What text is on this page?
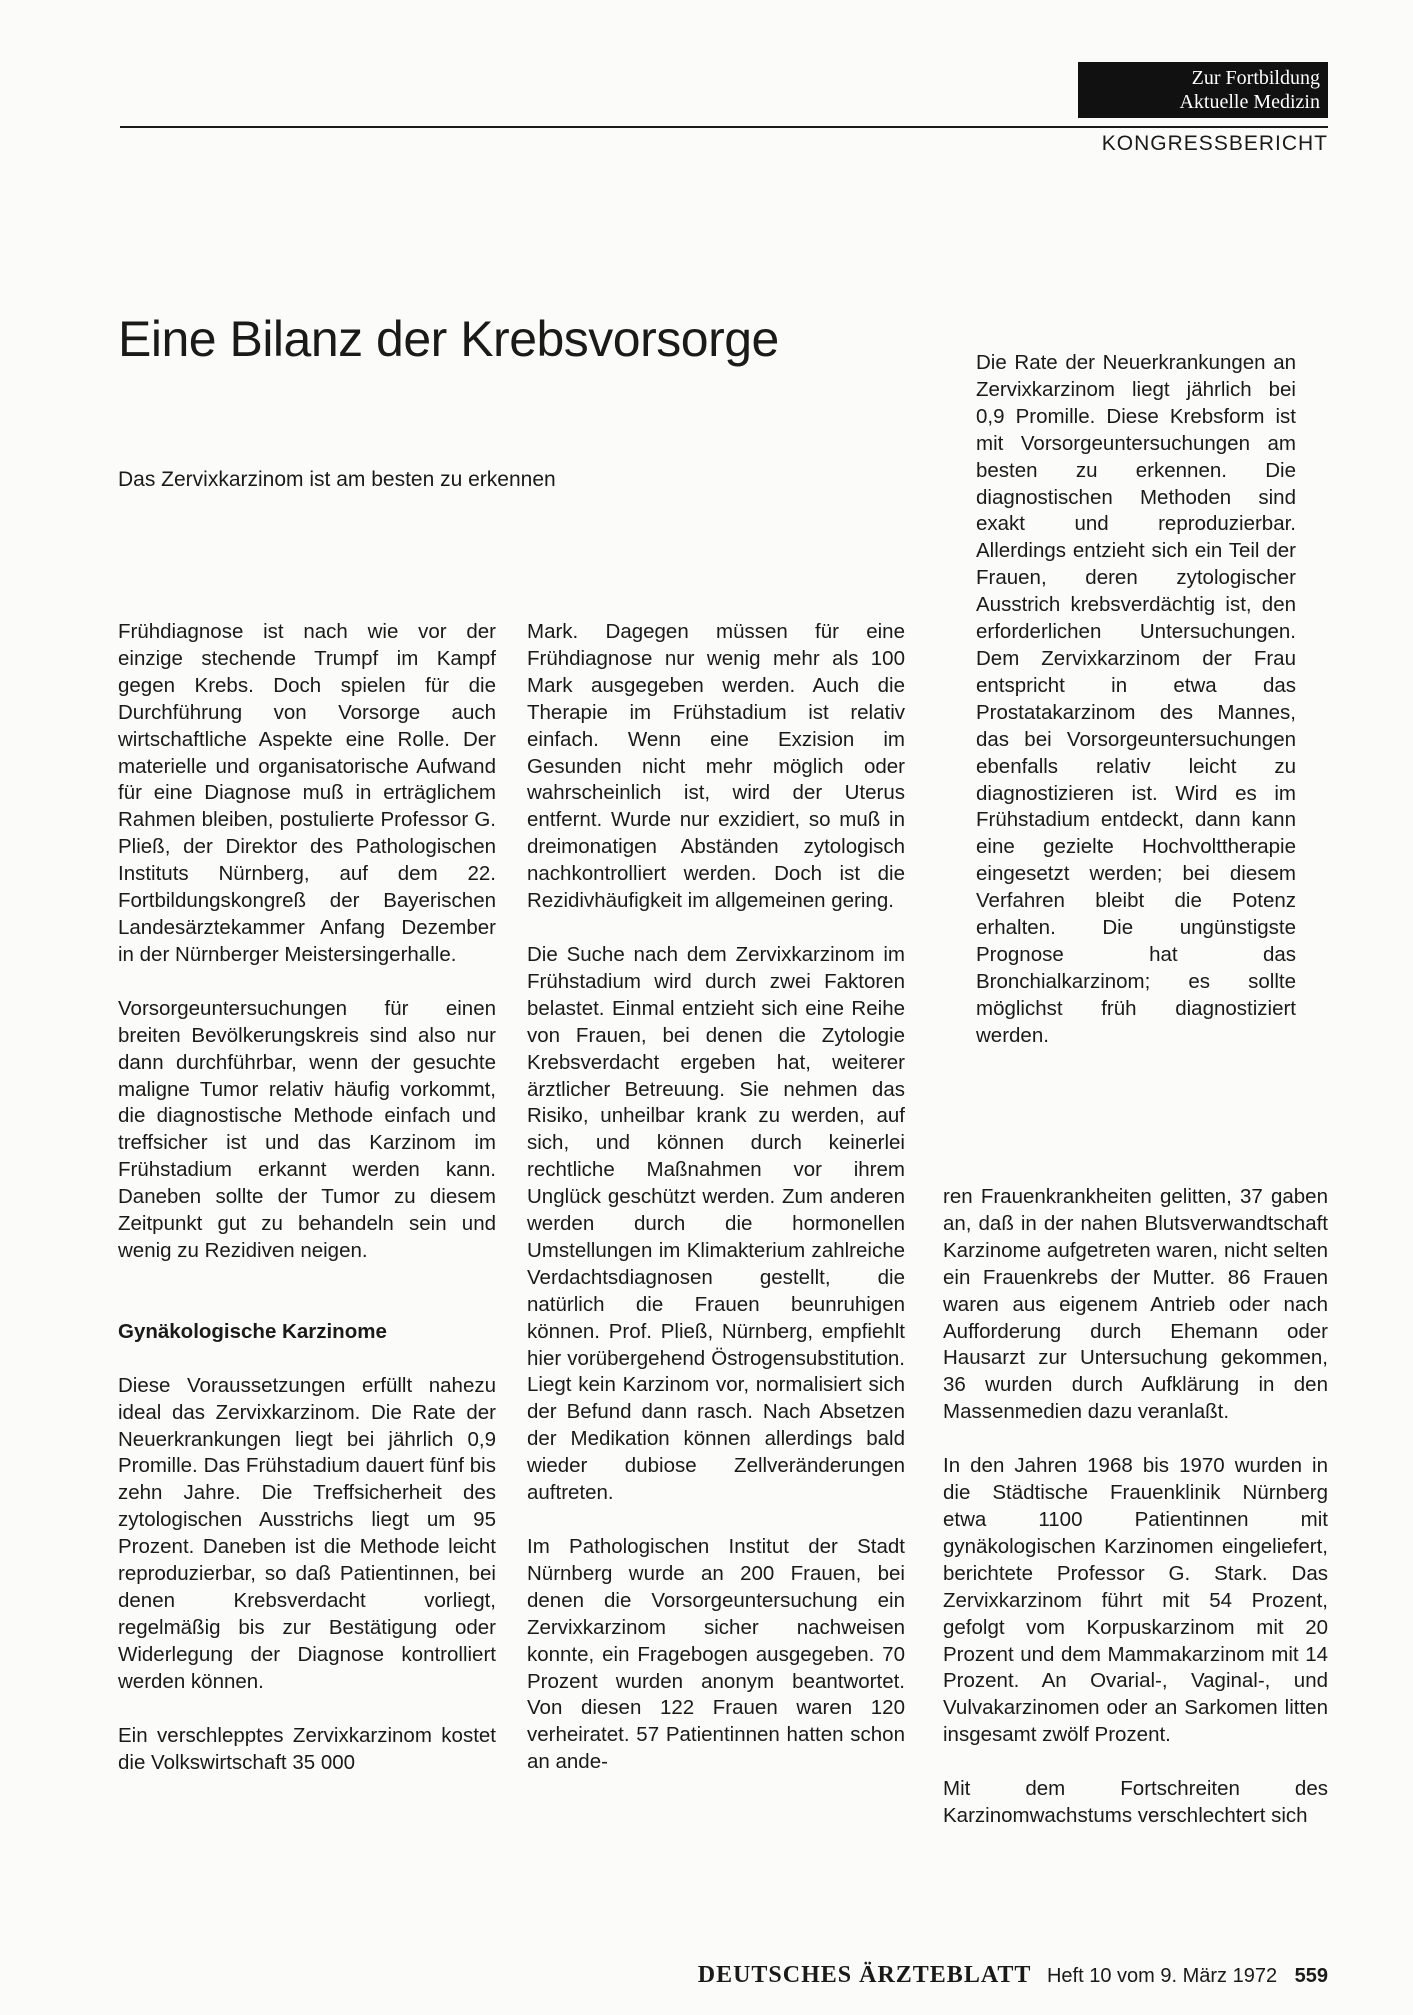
Zur Fortbildung
Aktuelle Medizin
KONGRESSBERICHT
Eine Bilanz der Krebsvorsorge
Das Zervixkarzinom ist am besten zu erkennen

Frühdiagnose ist nach wie vor der einzige stechende Trumpf im Kampf gegen Krebs. Doch spielen für die Durchführung von Vorsorge auch wirtschaftliche Aspekte eine Rolle. Der materielle und organisatorische Aufwand für eine Diagnose muß in erträglichem Rahmen bleiben, postulierte Professor G. Pließ, der Direktor des Pathologischen Instituts Nürnberg, auf dem 22. Fortbildungskongreß der Bayerischen Landesärztekammer Anfang Dezember in der Nürnberger Meistersingerhalle.

Vorsorgeuntersuchungen für einen breiten Bevölkerungskreis sind also nur dann durchführbar, wenn der gesuchte maligne Tumor relativ häufig vorkommt, die diagnostische Methode einfach und treffsicher ist und das Karzinom im Frühstadium erkannt werden kann. Daneben sollte der Tumor zu diesem Zeitpunkt gut zu behandeln sein und wenig zu Rezidiven neigen.

Gynäkologische Karzinome

Diese Voraussetzungen erfüllt nahezu ideal das Zervixkarzinom. Die Rate der Neuerkrankungen liegt bei jährlich 0,9 Promille. Das Frühstadium dauert fünf bis zehn Jahre. Die Treffsicherheit des zytologischen Ausstrichs liegt um 95 Prozent. Daneben ist die Methode leicht reproduzierbar, so daß Patientinnen, bei denen Krebsverdacht vorliegt, regelmäßig bis zur Bestätigung oder Widerlegung der Diagnose kontrolliert werden können.

Ein verschlepptes Zervixkarzinom kostet die Volkswirtschaft 35 000

Mark. Dagegen müssen für eine Frühdiagnose nur wenig mehr als 100 Mark ausgegeben werden. Auch die Therapie im Frühstadium ist relativ einfach. Wenn eine Exzision im Gesunden nicht mehr möglich oder wahrscheinlich ist, wird der Uterus entfernt. Wurde nur exzidiert, so muß in dreimonatigen Abständen zytologisch nachkontrolliert werden. Doch ist die Rezidivhäufigkeit im allgemeinen gering.

Die Suche nach dem Zervixkarzinom im Frühstadium wird durch zwei Faktoren belastet. Einmal entzieht sich eine Reihe von Frauen, bei denen die Zytologie Krebsverdacht ergeben hat, weiterer ärztlicher Betreuung. Sie nehmen das Risiko, unheilbar krank zu werden, auf sich, und können durch keinerlei rechtliche Maßnahmen vor ihrem Unglück geschützt werden. Zum anderen werden durch die hormonellen Umstellungen im Klimakterium zahlreiche Verdachtsdiagnosen gestellt, die natürlich die Frauen beunruhigen können. Prof. Pließ, Nürnberg, empfiehlt hier vorübergehend Östrogensubstitution. Liegt kein Karzinom vor, normalisiert sich der Befund dann rasch. Nach Absetzen der Medikation können allerdings bald wieder dubiose Zellveränderungen auftreten.

Im Pathologischen Institut der Stadt Nürnberg wurde an 200 Frauen, bei denen die Vorsorgeuntersuchung ein Zervixkarzinom sicher nachweisen konnte, ein Fragebogen ausgegeben. 70 Prozent wurden anonym beantwortet. Von diesen 122 Frauen waren 120 verheiratet. 57 Patientinnen hatten schon an ande-

Die Rate der Neuerkrankungen an Zervixkarzinom liegt jährlich bei 0,9 Promille. Diese Krebsform ist mit Vorsorgeuntersuchungen am besten zu erkennen. Die diagnostischen Methoden sind exakt und reproduzierbar. Allerdings entzieht sich ein Teil der Frauen, deren zytologischer Ausstrich krebsverdächtig ist, den erforderlichen Untersuchungen. Dem Zervixkarzinom der Frau entspricht in etwa das Prostatakarzinom des Mannes, das bei Vorsorgeuntersuchungen ebenfalls relativ leicht zu diagnostizieren ist. Wird es im Frühstadium entdeckt, dann kann eine gezielte Hochvolttherapie eingesetzt werden; bei diesem Verfahren bleibt die Potenz erhalten. Die ungünstigste Prognose hat das Bronchialkarzinom; es sollte möglichst früh diagnostiziert werden.

ren Frauenkrankheiten gelitten, 37 gaben an, daß in der nahen Blutsverwandtschaft Karzinome aufgetreten waren, nicht selten ein Frauenkrebs der Mutter. 86 Frauen waren aus eigenem Antrieb oder nach Aufforderung durch Ehemann oder Hausarzt zur Untersuchung gekommen, 36 wurden durch Aufklärung in den Massenmedien dazu veranlaßt.

In den Jahren 1968 bis 1970 wurden in die Städtische Frauenklinik Nürnberg etwa 1100 Patientinnen mit gynäkologischen Karzinomen eingeliefert, berichtete Professor G. Stark. Das Zervixkarzinom führt mit 54 Prozent, gefolgt vom Korpuskarzinom mit 20 Prozent und dem Mammakarzinom mit 14 Prozent. An Ovarial-, Vaginal-, und Vulvakarzinomen oder an Sarkomen litten insgesamt zwölf Prozent.

Mit dem Fortschreiten des Karzinomwachstums verschlechtert sich

DEUTSCHES ÄRZTEBLATT Heft 10 vom 9. März 1972 559
